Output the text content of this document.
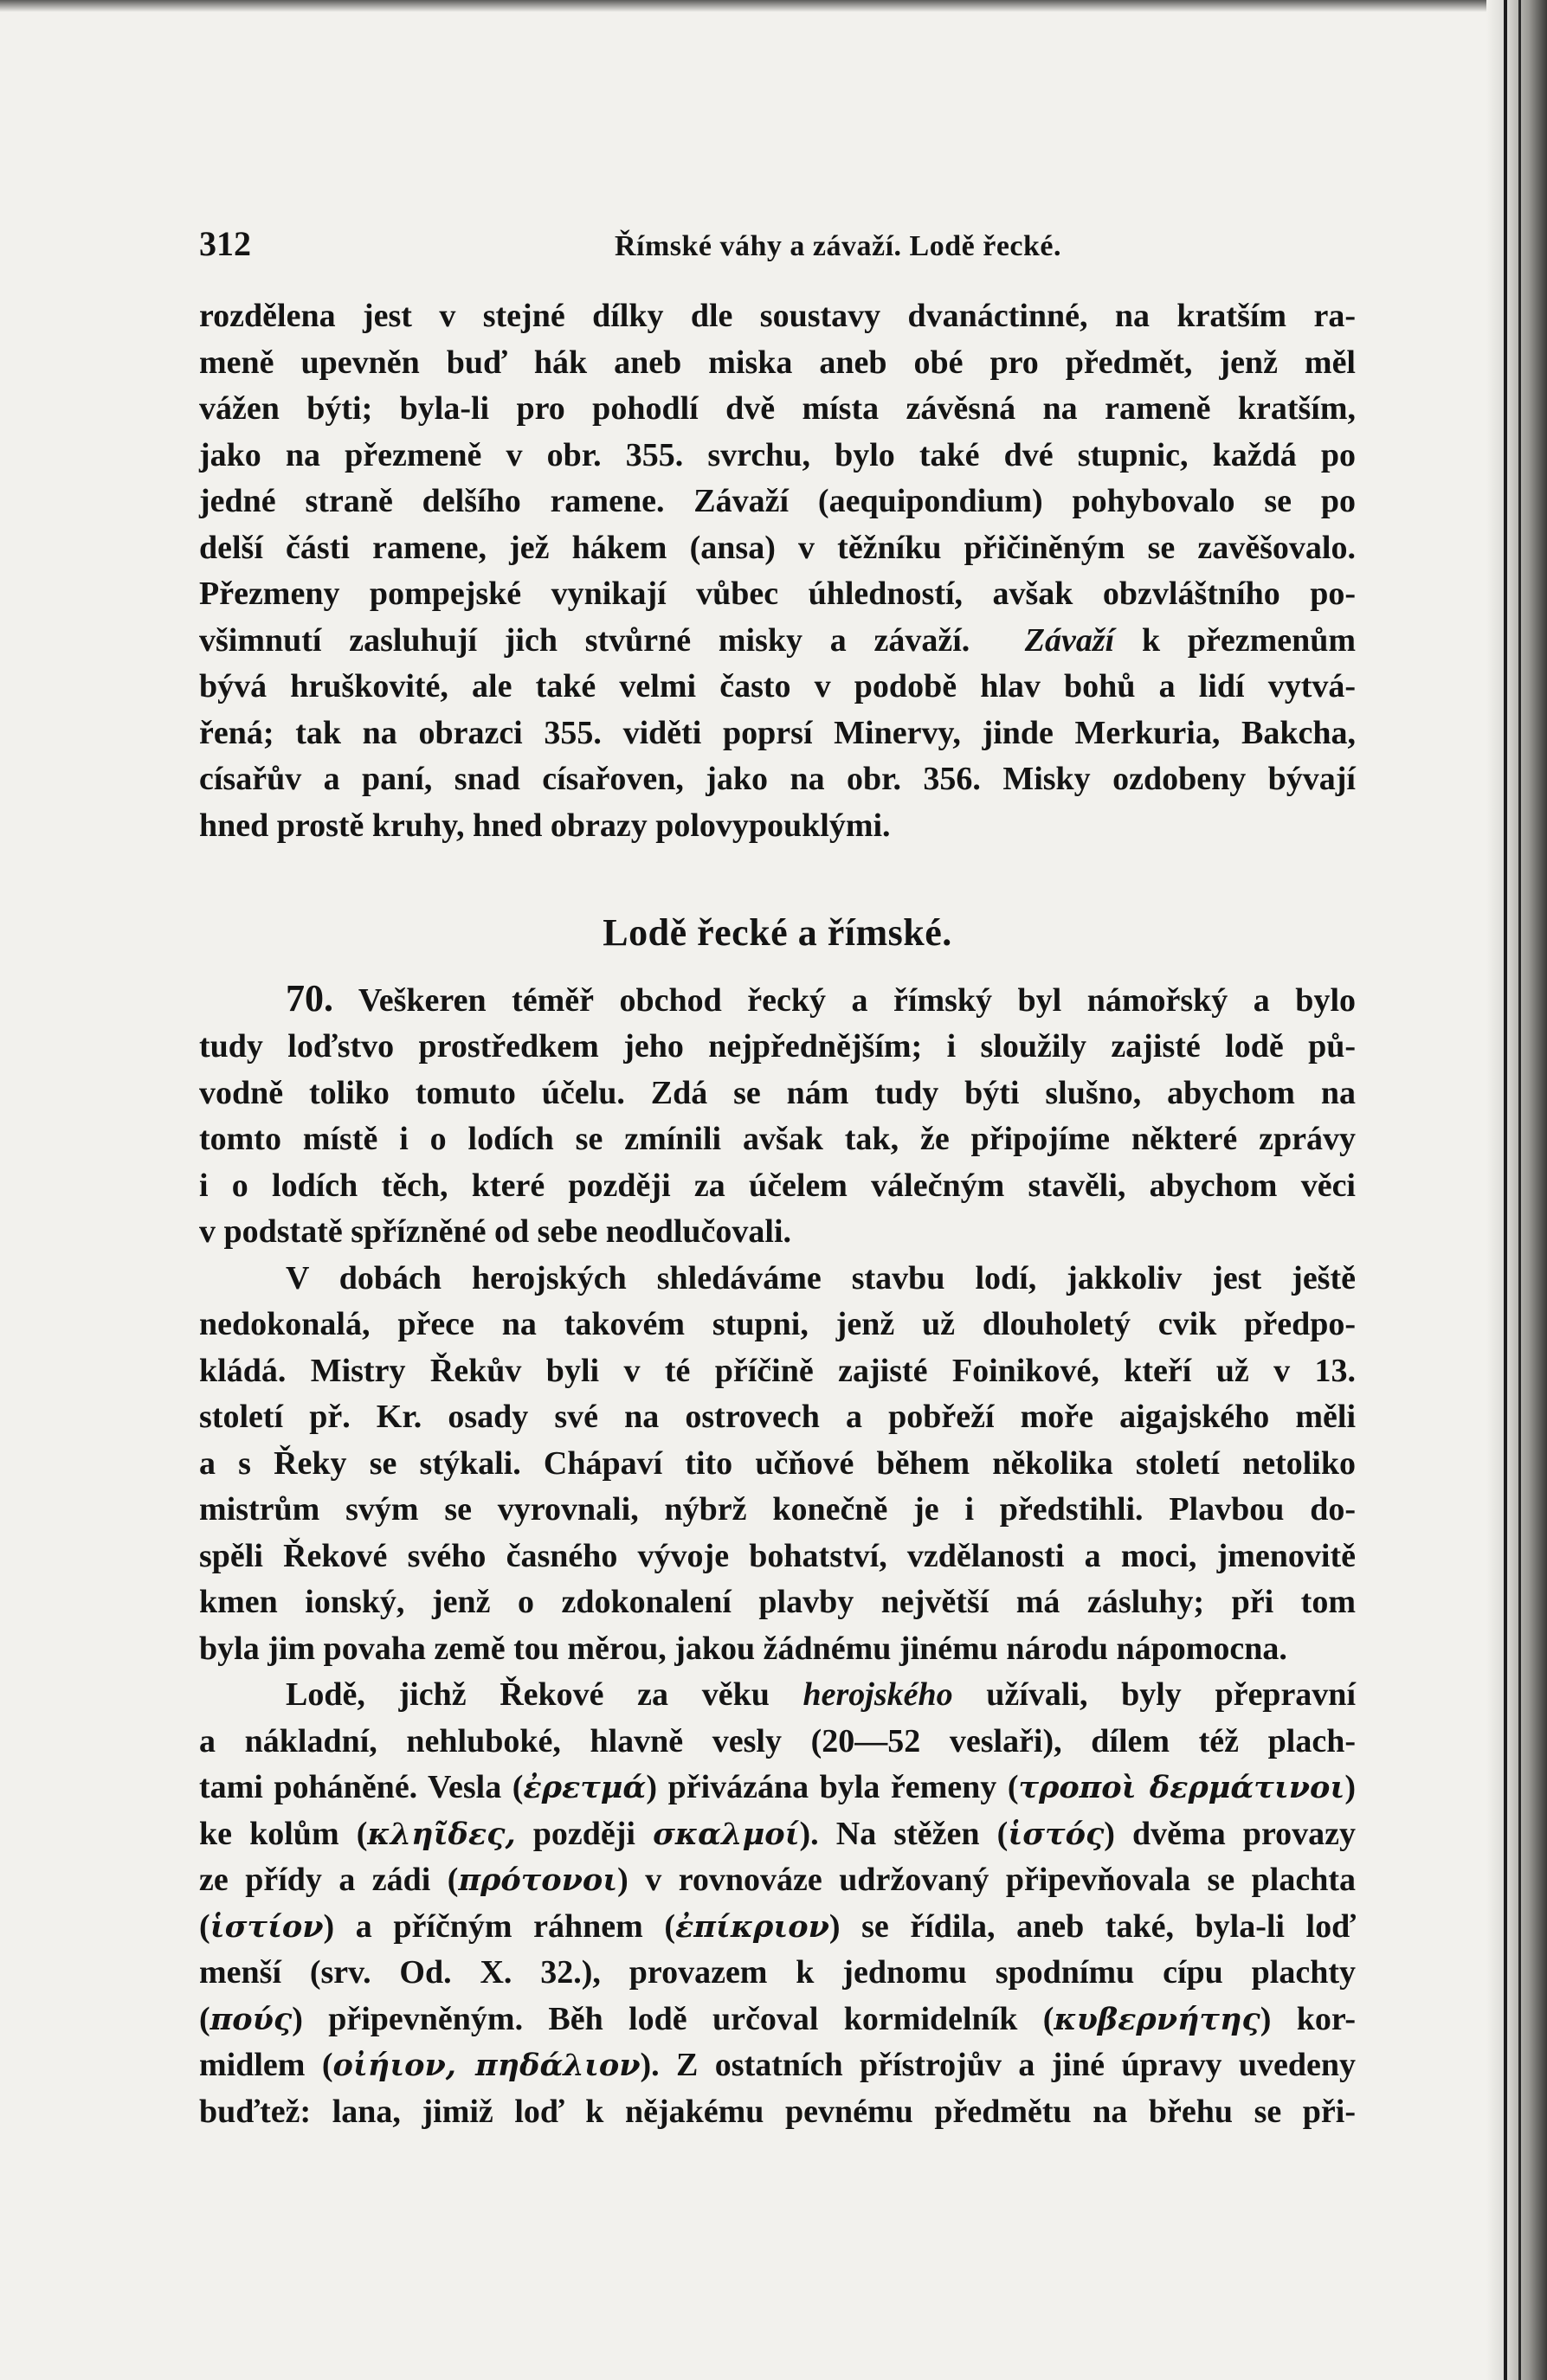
312	Římské váhy a závaží. Lodě řecké.
rozdělena jest v stejné dílky dle soustavy dvanáctinné, na kratším ra-
meně upevněn buď hák aneb miska aneb obé pro předmět, jenž měl
vážen býti; byla-li pro pohodlí dvě místa závěsná na rameně kratším,
jako na přezmeně v obr. 355. svrchu, bylo také dvé stupnic, každá po
jedné straně delšího ramene. Závaží (aequipondium) pohybovalo se po
delší části ramene, jež hákem (ansa) v těžníku přičiněným se zavěšovalo.
Přezmeny pompejské vynikají vůbec úhledností, avšak obzvláštního po-
všimnutí zasluhují jich stvůrné misky a závaží. Závaží k přezmenům
bývá hruškovité, ale také velmi často v podobě hlav bohů a lidí vytvá-
řená; tak na obrazci 355. viděti poprsí Minervy, jinde Merkuria, Bakcha,
císařův a paní, snad císařoven, jako na obr. 356. Misky ozdobeny bývají
hned prostě kruhy, hned obrazy polovypouklými.
Lodě řecké a římské.
70. Veškeren téměř obchod řecký a římský byl námořský a bylo
tudy loďstvo prostředkem jeho nejpřednějším; i sloužily zajisté lodě pů-
vodně toliko tomuto účelu. Zdá se nám tudy býti slušno, abychom na
tomto místě i o lodích se zmínili avšak tak, že připojíme některé zprávy
i o lodích těch, které později za účelem válečným stavěli, abychom věci
v podstatě spřízněné od sebe neodlučovali.
V dobách herojských shledáváme stavbu lodí, jakkoliv jest ještě
nedokonalá, přece na takovém stupni, jenž už dlouholetý cvik předpo-
kládá. Mistry Řekův byli v té příčině zajisté Foinikové, kteří už v 13.
století př. Kr. osady své na ostrovech a pobřeží moře aigajského měli
a s Řeky se stýkali. Chápaví tito učňové během několika století netoliko
mistrům svým se vyrovnali, nýbrž konečně je i předstihli. Plavbou do-
spěli Řekové svého časného vývoje bohatství, vzdělanosti a moci, jmenovitě
kmen ionský, jenž o zdokonalení plavby největší má zásluhy; při tom
byla jim povaha země tou měrou, jakou žádnému jinému národu nápomocna.
Lodě, jichž Řekové za věku herojského užívali, byly přepravní
a nákladní, nehluboké, hlavně vesly (20—52 veslaři), dílem též plach-
tami poháněné. Vesla (ἐρετμά) přivázána byla řemeny (τροποὶ δερμάτινοι)
ke kolům (κληῖδες, později σκαλμοί). Na stěžen (ἱστός) dvěma provazy
ze přídy a zádi (πρότονοι) v rovnováze udržovaný připevňovala se plachta
(ἱστίον) a příčným ráhnem (ἐπίκριον) se řídila, aneb také, byla-li loď
menší (srv. Od. X. 32.), provazem k jednomu spodnímu cípu plachty
(πούς) připevněným. Běh lodě určoval kormidelník (κυβερνήτης) kor-
midlem (οἰήιον, πηδάλιον). Z ostatních přístrojův a jiné úpravy uvedeny
buďtež: lana, jimiž loď k nějakému pevnému předmětu na břehu se při-
